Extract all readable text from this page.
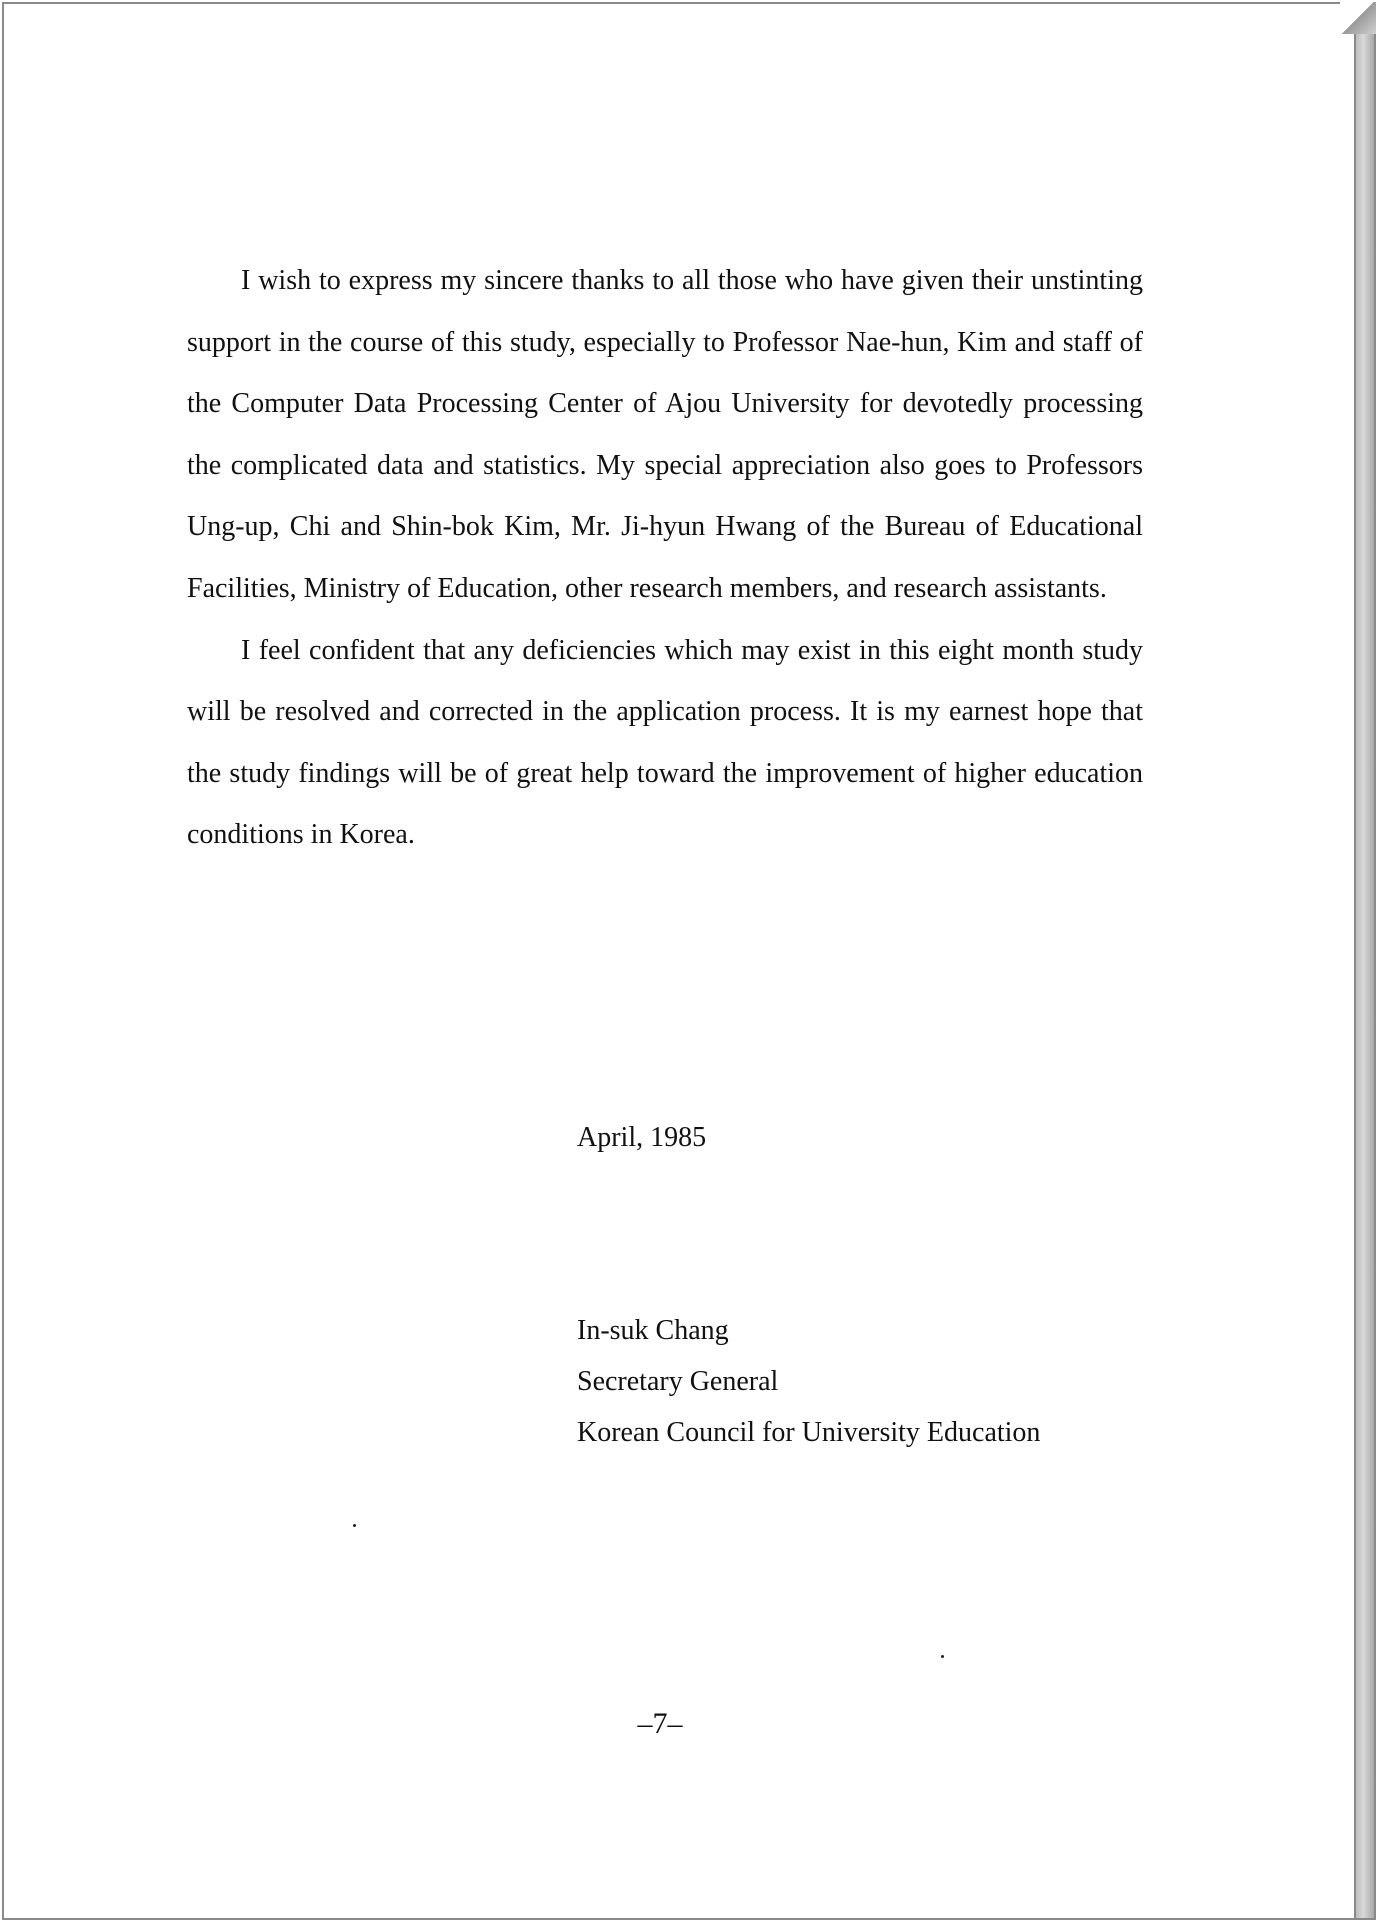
I wish to express my sincere thanks to all those who have given their unstinting support in the course of this study, especially to Professor Nae-hun, Kim and staff of the Computer Data Processing Center of Ajou University for devotedly processing the complicated data and statistics. My special appreciation also goes to Professors Ung-up, Chi and Shin-bok Kim, Mr. Ji-hyun Hwang of the Bureau of Educational Facilities, Ministry of Education, other research members, and research assistants.

I feel confident that any deficiencies which may exist in this eight month study will be resolved and corrected in the application process. It is my earnest hope that the study findings will be of great help toward the improvement of higher education conditions in Korea.

April, 1985
In-suk Chang
Secretary General
Korean Council for University Education
–7–
